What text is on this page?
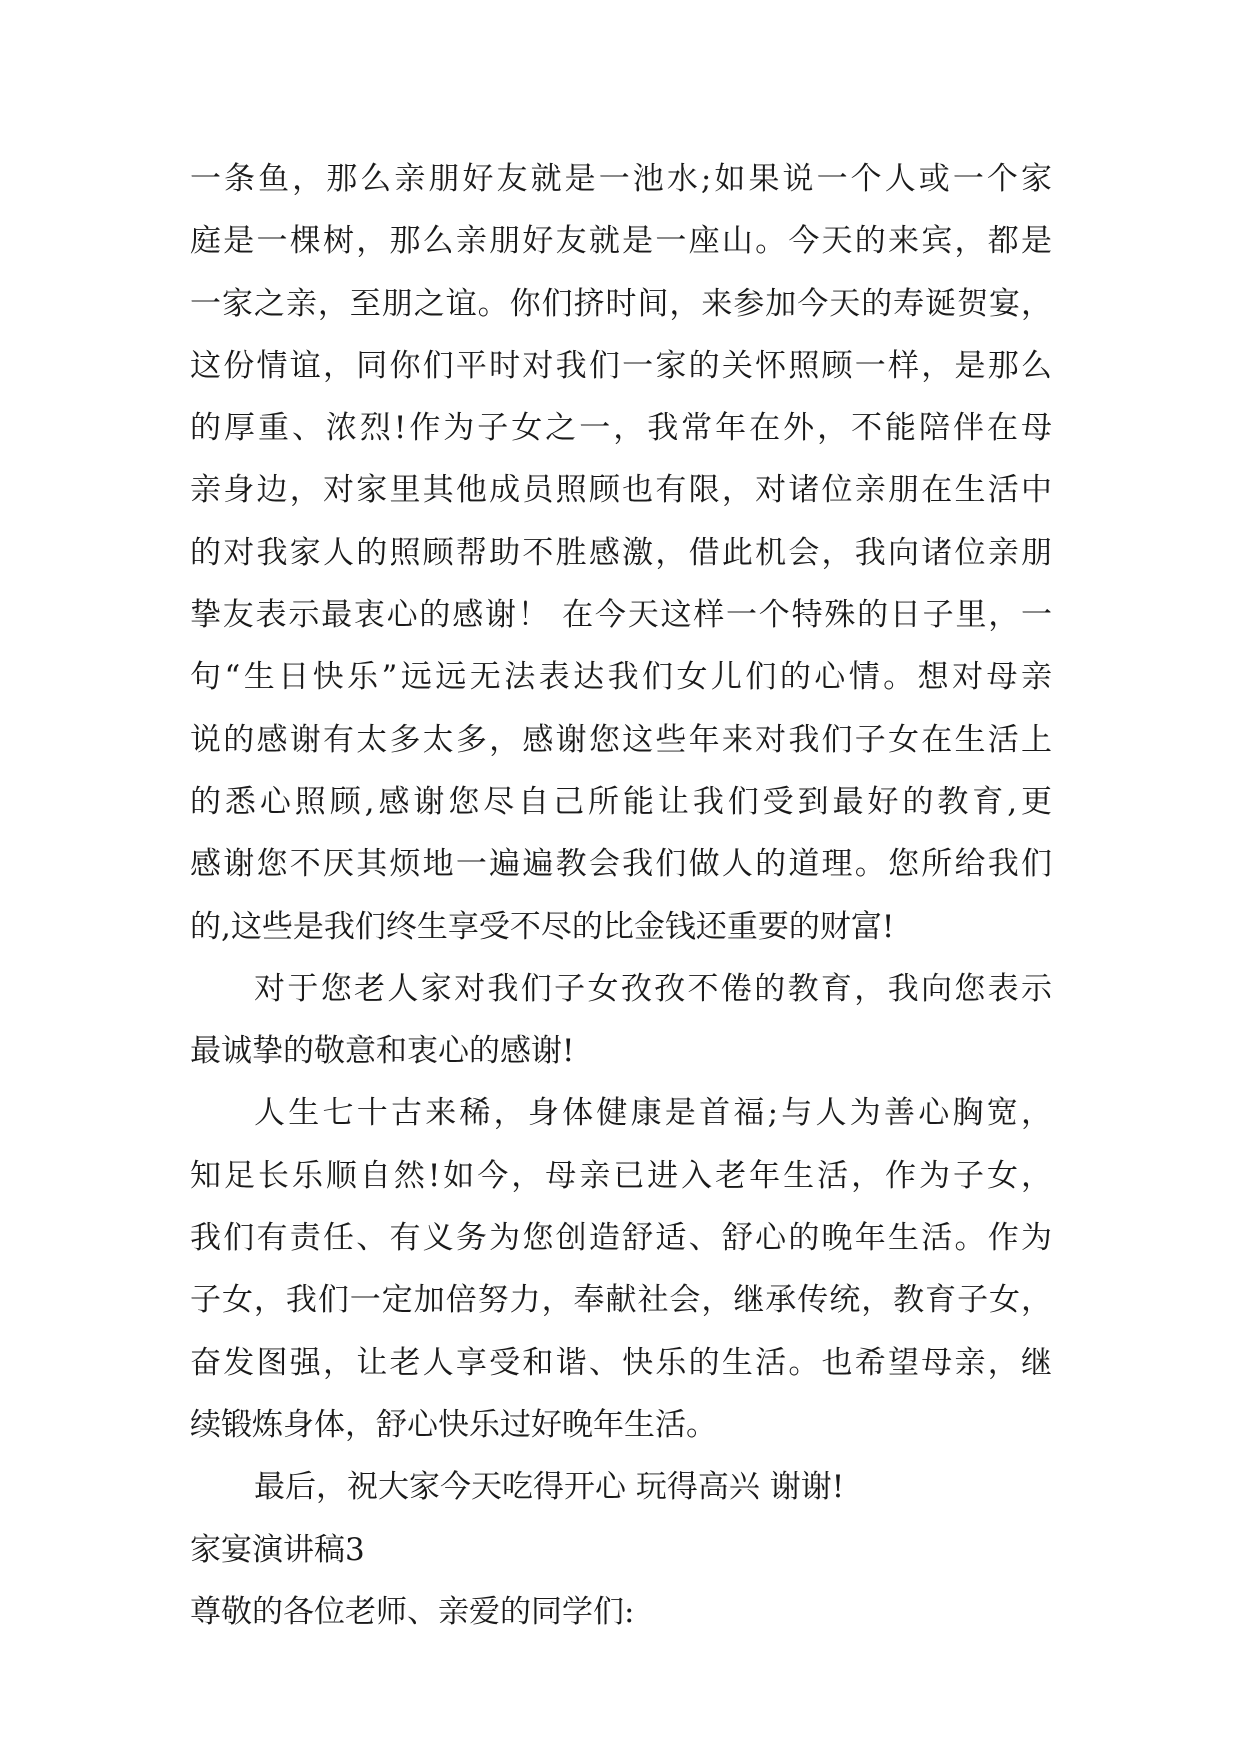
一条鱼，那么亲朋好友就是一池水;如果说一个人或一个家
庭是一棵树，那么亲朋好友就是一座山。今天的来宾，都是
一家之亲，至朋之谊。你们挤时间，来参加今天的寿诞贺宴，
这份情谊，同你们平时对我们一家的关怀照顾一样，是那么
的厚重、浓烈!作为子女之一，我常年在外，不能陪伴在母
亲身边，对家里其他成员照顾也有限，对诸位亲朋在生活中
的对我家人的照顾帮助不胜感激，借此机会，我向诸位亲朋
挚友表示最衷心的感谢！ 在今天这样一个特殊的日子里，一
句“生日快乐”远远无法表达我们女儿们的心情。想对母亲
说的感谢有太多太多，感谢您这些年来对我们子女在生活上
的悉心照顾,感谢您尽自己所能让我们受到最好的教育,更
感谢您不厌其烦地一遍遍教会我们做人的道理。您所给我们
的,这些是我们终生享受不尽的比金钱还重要的财富!
对于您老人家对我们子女孜孜不倦的教育，我向您表示
最诚挚的敬意和衷心的感谢!
人生七十古来稀，身体健康是首福;与人为善心胸宽，
知足长乐顺自然!如今，母亲已进入老年生活，作为子女，
我们有责任、有义务为您创造舒适、舒心的晚年生活。作为
子女，我们一定加倍努力，奉献社会，继承传统，教育子女，
奋发图强，让老人享受和谐、快乐的生活。也希望母亲，继
续锻炼身体，舒心快乐过好晚年生活。
最后，祝大家今天吃得开心 玩得高兴 谢谢!
家宴演讲稿3
尊敬的各位老师、亲爱的同学们:
